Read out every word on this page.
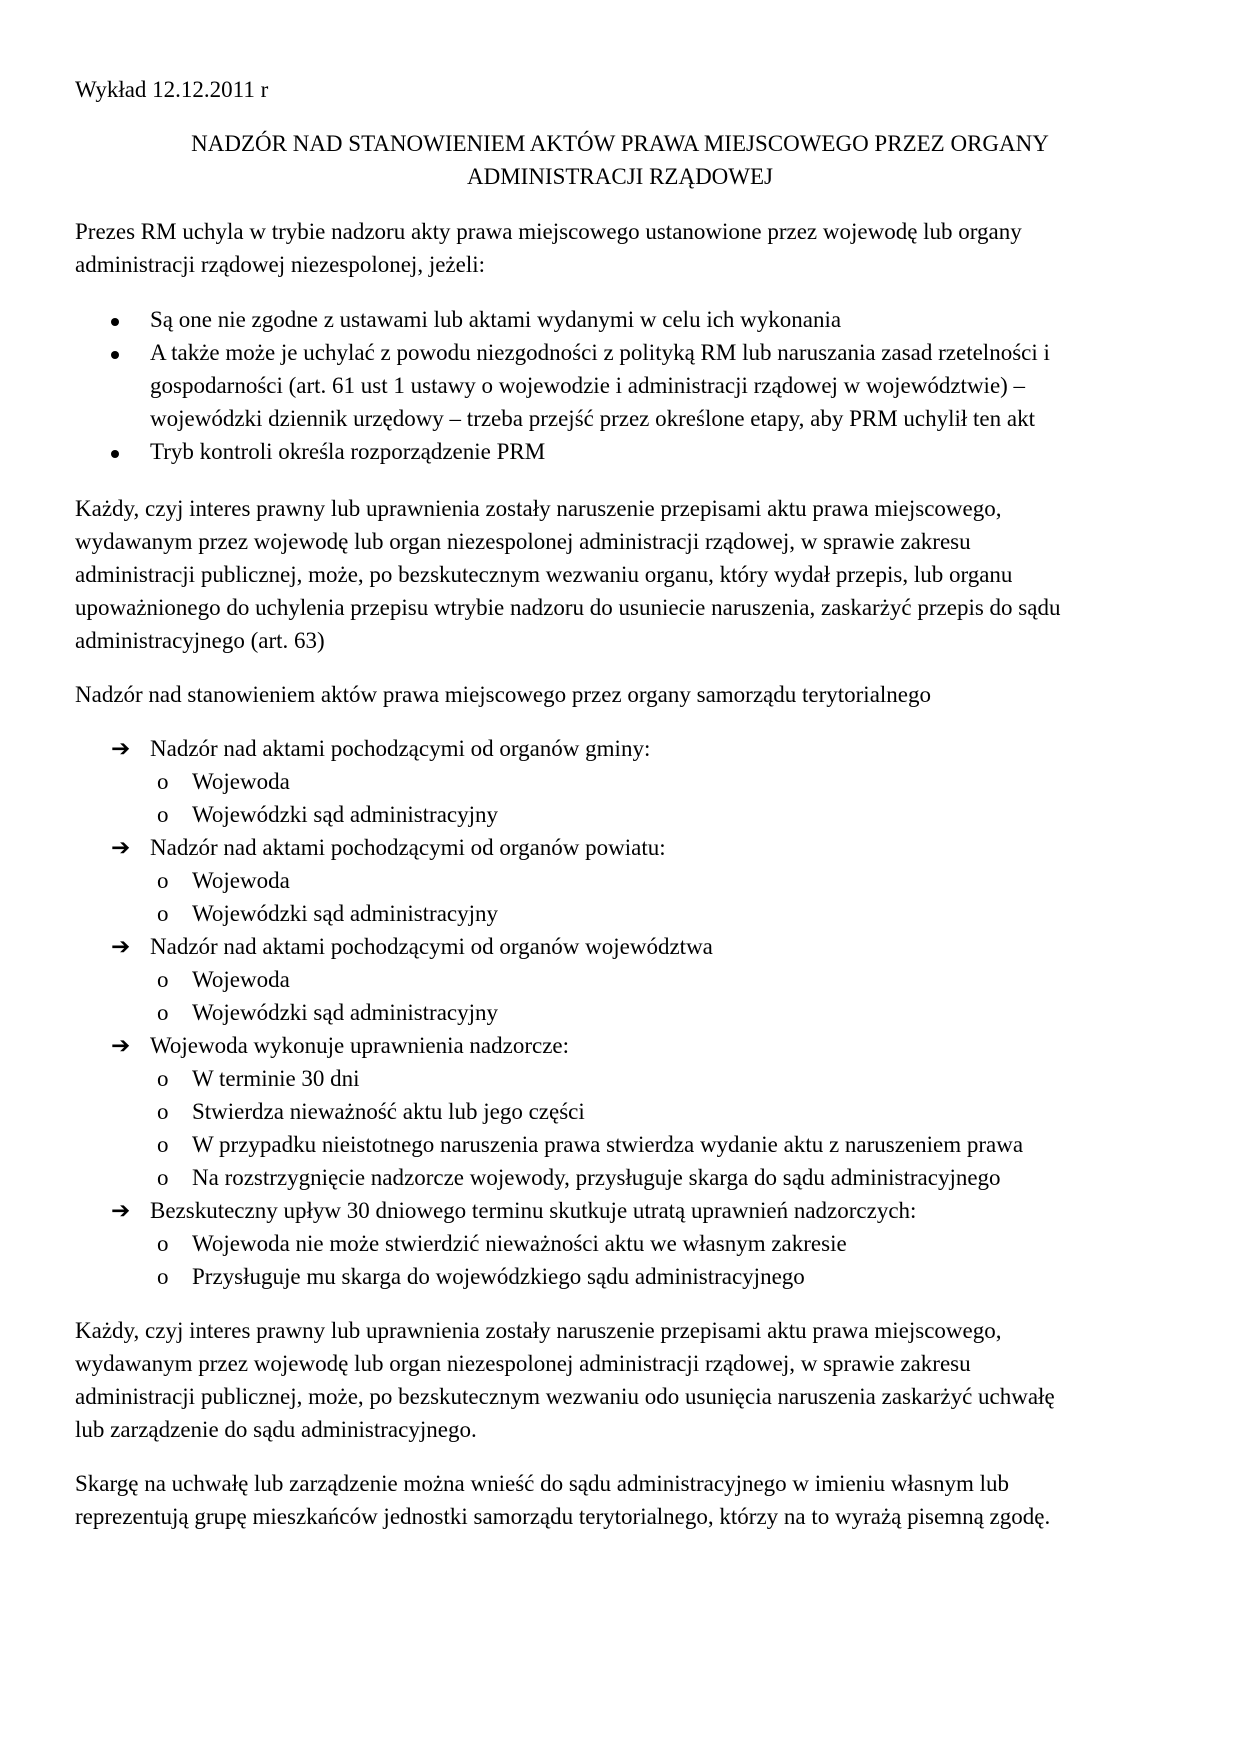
Wykład 12.12.2011 r
NADZÓR NAD STANOWIENIEM AKTÓW PRAWA MIEJSCOWEGO PRZEZ ORGANY
ADMINISTRACJI RZĄDOWEJ
Prezes RM uchyla w trybie nadzoru akty prawa miejscowego ustanowione przez wojewodę lub organy
administracji rządowej niezespolonej, jeżeli:
Są one nie zgodne z ustawami lub aktami wydanymi w celu ich wykonania
A także może je uchylać z powodu niezgodności z polityką RM lub naruszania zasad rzetelności i
gospodarności (art. 61 ust 1 ustawy o wojewodzie i administracji rządowej w województwie) –
wojewódzki dziennik urzędowy – trzeba przejść przez określone etapy, aby PRM uchylił ten akt
Tryb kontroli określa rozporządzenie PRM
Każdy, czyj interes prawny lub uprawnienia zostały naruszenie przepisami aktu prawa miejscowego,
wydawanym przez wojewodę lub organ niezespolonej administracji rządowej, w sprawie zakresu
administracji publicznej, może, po bezskutecznym wezwaniu organu, który wydał przepis, lub organu
upoważnionego do uchylenia przepisu wtrybie nadzoru do usuniecie naruszenia, zaskarżyć przepis do sądu
administracyjnego (art. 63)
Nadzór nad stanowieniem aktów prawa miejscowego przez organy samorządu terytorialnego
➔ Nadzór nad aktami pochodzącymi od organów gminy:
o Wojewoda
o Wojewódzki sąd administracyjny
➔ Nadzór nad aktami pochodzącymi od organów powiatu:
o Wojewoda
o Wojewódzki sąd administracyjny
➔ Nadzór nad aktami pochodzącymi od organów województwa
o Wojewoda
o Wojewódzki sąd administracyjny
➔ Wojewoda wykonuje uprawnienia nadzorcze:
o W terminie 30 dni
o Stwierdza nieważność aktu lub jego części
o W przypadku nieistotnego naruszenia prawa stwierdza wydanie aktu z naruszeniem prawa
o Na rozstrzygnięcie nadzorcze wojewody, przysługuje skarga do sądu administracyjnego
➔ Bezskuteczny upływ 30 dniowego terminu skutkuje utratą uprawnień nadzorczych:
o Wojewoda nie może stwierdzić nieważności aktu we własnym zakresie
o Przysługuje mu skarga do wojewódzkiego sądu administracyjnego
Każdy, czyj interes prawny lub uprawnienia zostały naruszenie przepisami aktu prawa miejscowego,
wydawanym przez wojewodę lub organ niezespolonej administracji rządowej, w sprawie zakresu
administracji publicznej, może, po bezskutecznym wezwaniu odo usunięcia naruszenia zaskarżyć uchwałę
lub zarządzenie do sądu administracyjnego.
Skargę na uchwałę lub zarządzenie można wnieść do sądu administracyjnego w imieniu własnym lub
reprezentują grupę mieszkańców jednostki samorządu terytorialnego, którzy na to wyrażą pisemną zgodę.
